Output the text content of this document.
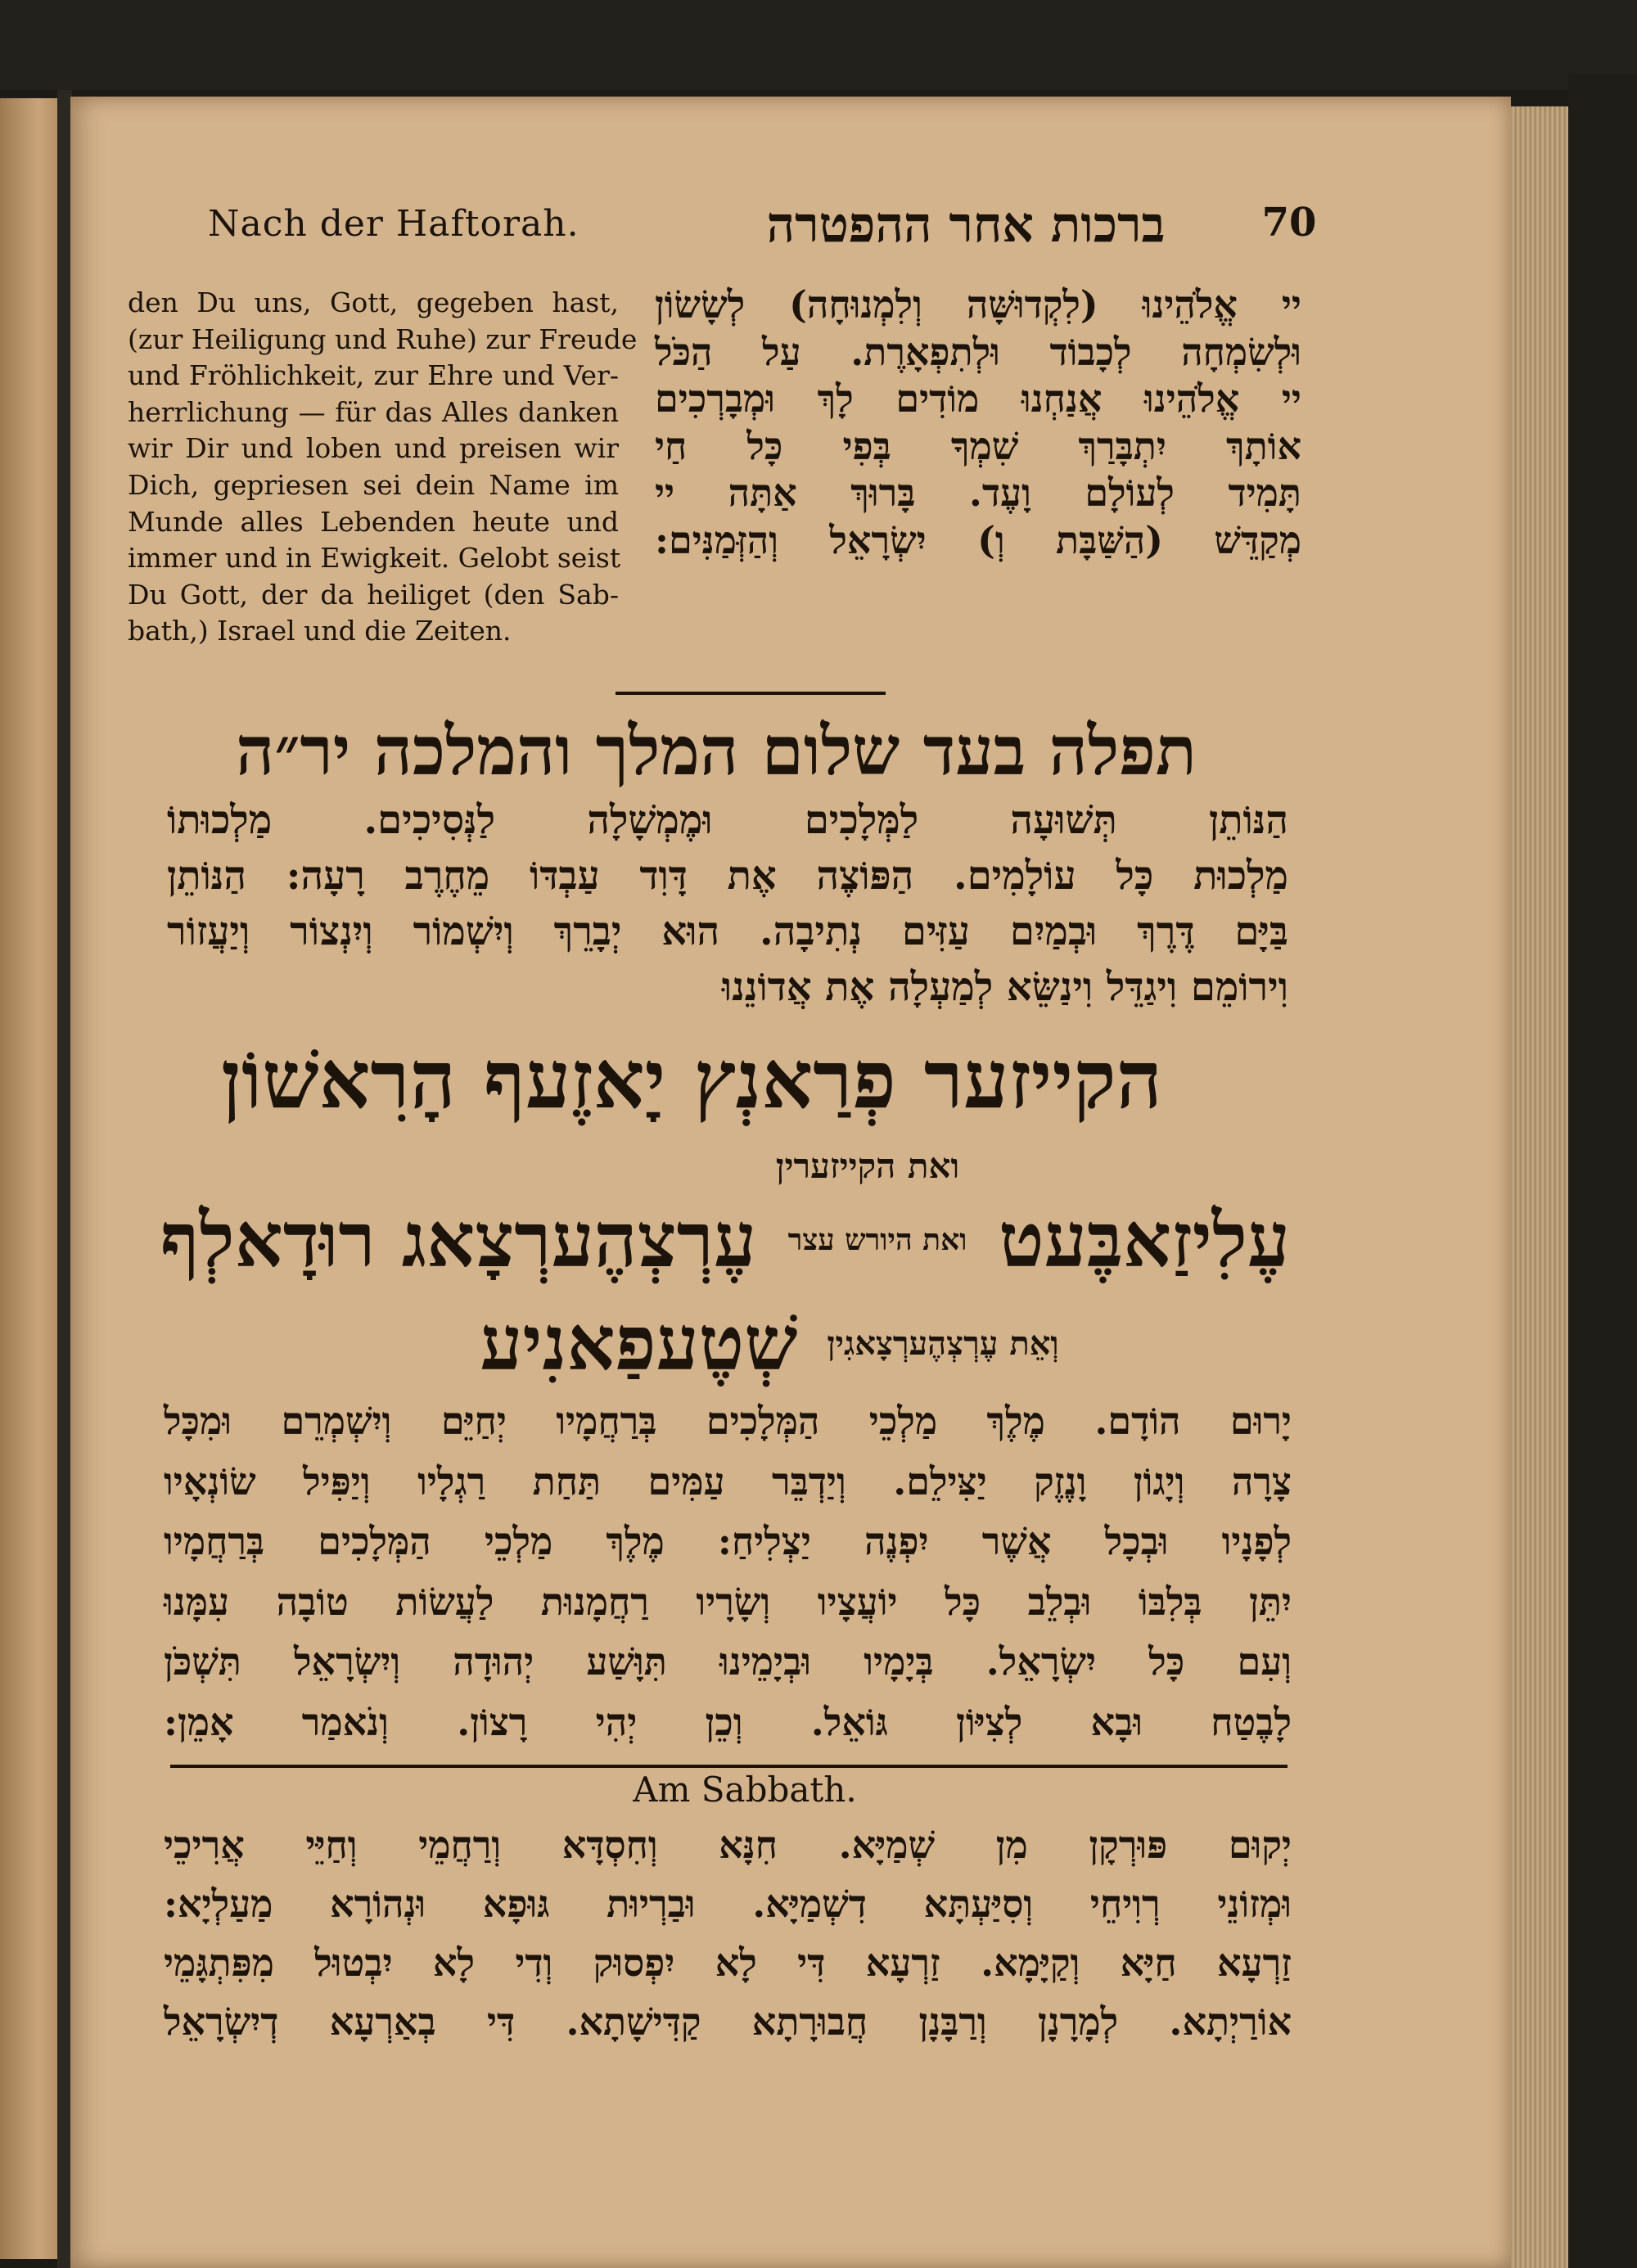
Nach der Haftorah.	ברכות אחר ההפטרה	70
den Du uns, Gott, gegeben hast,
(zur Heiligung und Ruhe) zur Freude
und Fröhlichkeit, zur Ehre und Ver-
herrlichung — für das Alles danken
wir Dir und loben und preisen wir
Dich, gepriesen sei dein Name im
Munde alles Lebenden heute und
immer und in Ewigkeit. Gelobt seist
Du Gott, der da heiliget (den Sab-
bath,) Israel und die Zeiten.
יי אֱלֹהֵינוּ (לִקְדוּשָּׁה וְלִמְנוּחָה) לְשָׂשׂוֹן
וּלְשִׂמְחָה לְכָבוֹד וּלְתִפְאָרֶת. עַל הַכֹּל
יי אֱלֹהֵינוּ אֲנַחְנוּ מוֹדִים לָךְ וּמְבָרְכִים
אוֹתָךְ יִתְבָּרַךְ שִׁמְךָ בְּפִי כָּל חַי
תָּמִיד לְעוֹלָם וָעֶד. בָּרוּךְ אַתָּה יי
מְקַדֵּשׁ (הַשַּׁבָּת וְ) יִשְׂרָאֵל וְהַזְּמַנִּים:
תפלה בעד שלום המלך והמלכה יר״ה
הַנּוֹתֵן תְּשׁוּעָה לַמְּלָכִים וּמֶמְשָׁלָה לַנְּסִיכִים. מַלְכוּתוֹ
מַלְכוּת כָּל עוֹלָמִים. הַפּוֹצֶה אֶת דָּוִד עַבְדּוֹ מֵחֶרֶב רָעָה: הַנּוֹתֵן
בַּיָּם דֶּרֶךְ וּבְמַיִם עַזִּים נְתִיבָה. הוּא יְבָרֵךְ וְיִשְׁמוֹר וְיִנְצוֹר וְיַעֲזוֹר
וִירוֹמֵם וִיגַדֵּל וִינַשֵּׂא לְמַעְלָה אֶת אֲדוֹנֵנוּ
הקייזער פְרַאנְץ יָאזֶעף הָרִאשׁוֹן
ואת הקייזערין
עֶלִיזַאבֶּעט
ואת היורש עצר
עֶרְצְהֶערְצָאג רוּדָאלְף
וְאֵת עֶרְצְהֶערְצָאגִין
שְׁטֶעפַאנִיע
יָרוּם הוֹדָם. מֶלֶךְ מַלְכֵי הַמְּלָכִים בְּרַחֲמָיו יְחַיֵּם וְיִשְׁמְרֵם וּמִכָּל
צָרָה וְיָגוֹן וָנֶזֶק יַצִּילֵם. וְיַדְבֵּר עַמִּים תַּחַת רַגְלָיו וְיַפִּיל שׂוֹנְאָיו
לְפָנָיו וּבְכָל אֲשֶׁר יִפְנֶה יַצְלִיחַ: מֶלֶךְ מַלְכֵי הַמְּלָכִים בְּרַחֲמָיו
יִתֵּן בְּלִבּוֹ וּבְלֵב כָּל יוֹעֲצָיו וְשָׂרָיו רַחֲמָנוּת לַעֲשׂוֹת טוֹבָה עִמָּנוּ
וְעִם כָּל יִשְׂרָאֵל. בְּיָמָיו וּבְיָמֵינוּ תִּוָּשַׁע יְהוּדָה וְיִשְׂרָאֵל תִּשְׁכֹּן
לָבֶטַח וּבָא לְצִיּוֹן גּוֹאֵל. וְכֵן יְהִי רָצוֹן. וְנֹאמַר אָמֵן:
Am Sabbath.
יְקוּם פּוּרְקָן מִן שְׁמַיָּא. חִנָּא וְחִסְדָּא וְרַחֲמֵי וְחַיֵּי אֲרִיכֵי
וּמְזוֹנֵי רְוִיחֵי וְסִיַּעְתָּא דִשְׁמַיָּא. וּבַרְיוּת גּוּפָא וּנְהוֹרָא מַעַלְיָא:
זַרְעָא חַיָּא וְקַיָּמָא. זַרְעָא דִּי לָא יִפְסוּק וְדִי לָא יִבְטוּל מִפִּתְגָּמֵי
אוֹרַיְתָא. לְמָרָנָן וְרַבָּנָן חֲבוּרָתָא קַדִּישָׁתָא. דִּי בְאַרְעָא דְיִשְׂרָאֵל
